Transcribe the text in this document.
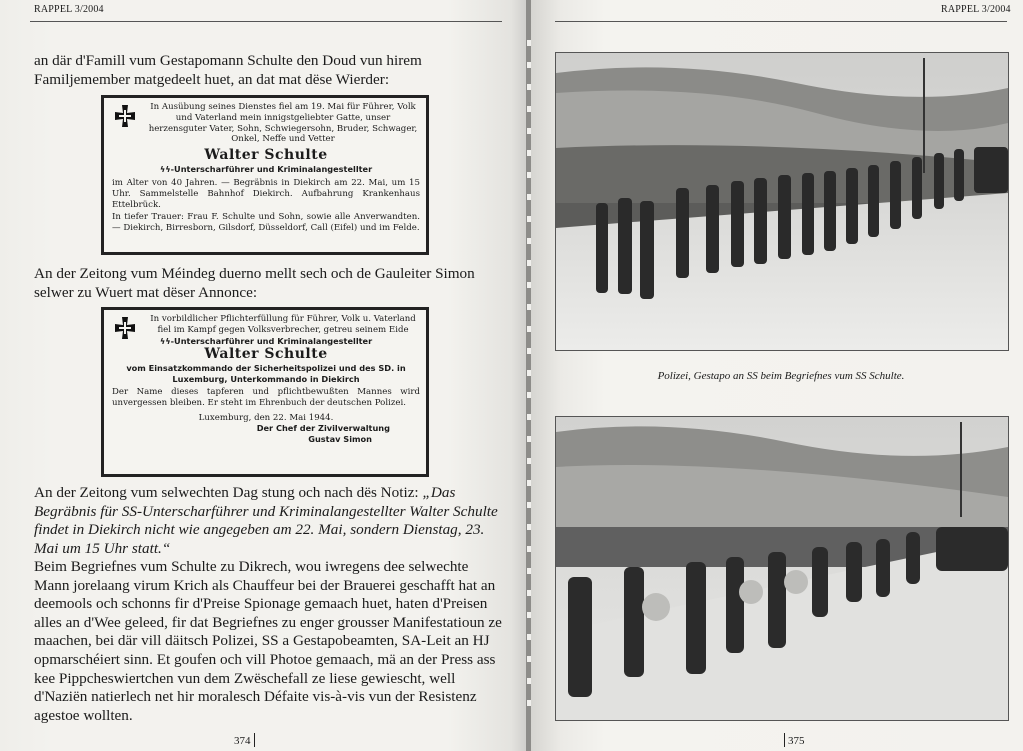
RAPPEL 3/2004

an där d'Famill vum Gestapomann Schulte den Doud vun hirem Familjemember matgedeelt huet, an dat mat dëse Wierder:

In Ausübung seines Dienstes fiel am 19. Mai für Führer, Volk und Vaterland mein innigstgeliebter Gatte, unser herzensguter Vater, Sohn, Schwiegersohn, Bruder, Schwager, Onkel, Neffe und Vetter
Walter Schulte
ϟϟ-Unterscharführer und Kriminalangestellter
im Alter von 40 Jahren. — Begräbnis in Diekirch am 22. Mai, um 15 Uhr. Sammelstelle Bahnhof Diekirch. Aufbahrung Krankenhaus Ettelbrück.
In tiefer Trauer: Frau F. Schulte und Sohn, sowie alle Anverwandten. — Diekirch, Birresborn, Gilsdorf, Düsseldorf, Call (Eifel) und im Felde.

An der Zeitong vum Méindeg duerno mellt sech och de Gauleiter Simon selwer zu Wuert mat dëser Annonce:

In vorbildlicher Pflichterfüllung für Führer, Volk u. Vaterland fiel im Kampf gegen Volksverbrecher, getreu seinem Eide
ϟϟ-Unterscharführer und Kriminalangestellter
Walter Schulte
vom Einsatzkommando der Sicherheitspolizei und des SD. in Luxemburg, Unterkommando in Diekirch
Der Name dieses tapferen und pflichtbewußten Mannes wird unvergessen bleiben. Er steht im Ehrenbuch der deutschen Polizei.
Luxemburg, den 22. Mai 1944.
Der Chef der Zivilverwaltung
Gustav Simon

An der Zeitong vum selwechten Dag stung och nach dës Notiz: „Das Begräbnis für SS-Unterscharführer und Kriminalangestellter Walter Schulte findet in Diekirch nicht wie angegeben am 22. Mai, sondern Dienstag, 23. Mai um 15 Uhr statt.“

Beim Begriefnes vum Schulte zu Dikrech, wou iwregens dee selwechte Mann jorelaang virum Krich als Chauffeur bei der Brauerei geschafft hat an deemools och schonns fir d'Preise Spionage gemaach huet, haten d'Preisen alles an d'Wee geleed, fir dat Begriefnes zu enger grousser Manifestatioun ze maachen, bei där vill däitsch Polizei, SS a Gestapobeamten, SA-Leit an HJ opmarschéiert sinn. Et goufen och vill Photoe gemaach, mä an der Press ass kee Pippcheswiertchen vun dem Zwëschefall ze liese gewiescht, well d'Naziën natierlech net hir moralesch Défaite vis-à-vis vun der Resistenz agestoe wollten.

374
RAPPEL 3/2004
Polizei, Gestapo an SS beim Begriefnes vum SS Schulte.
375
